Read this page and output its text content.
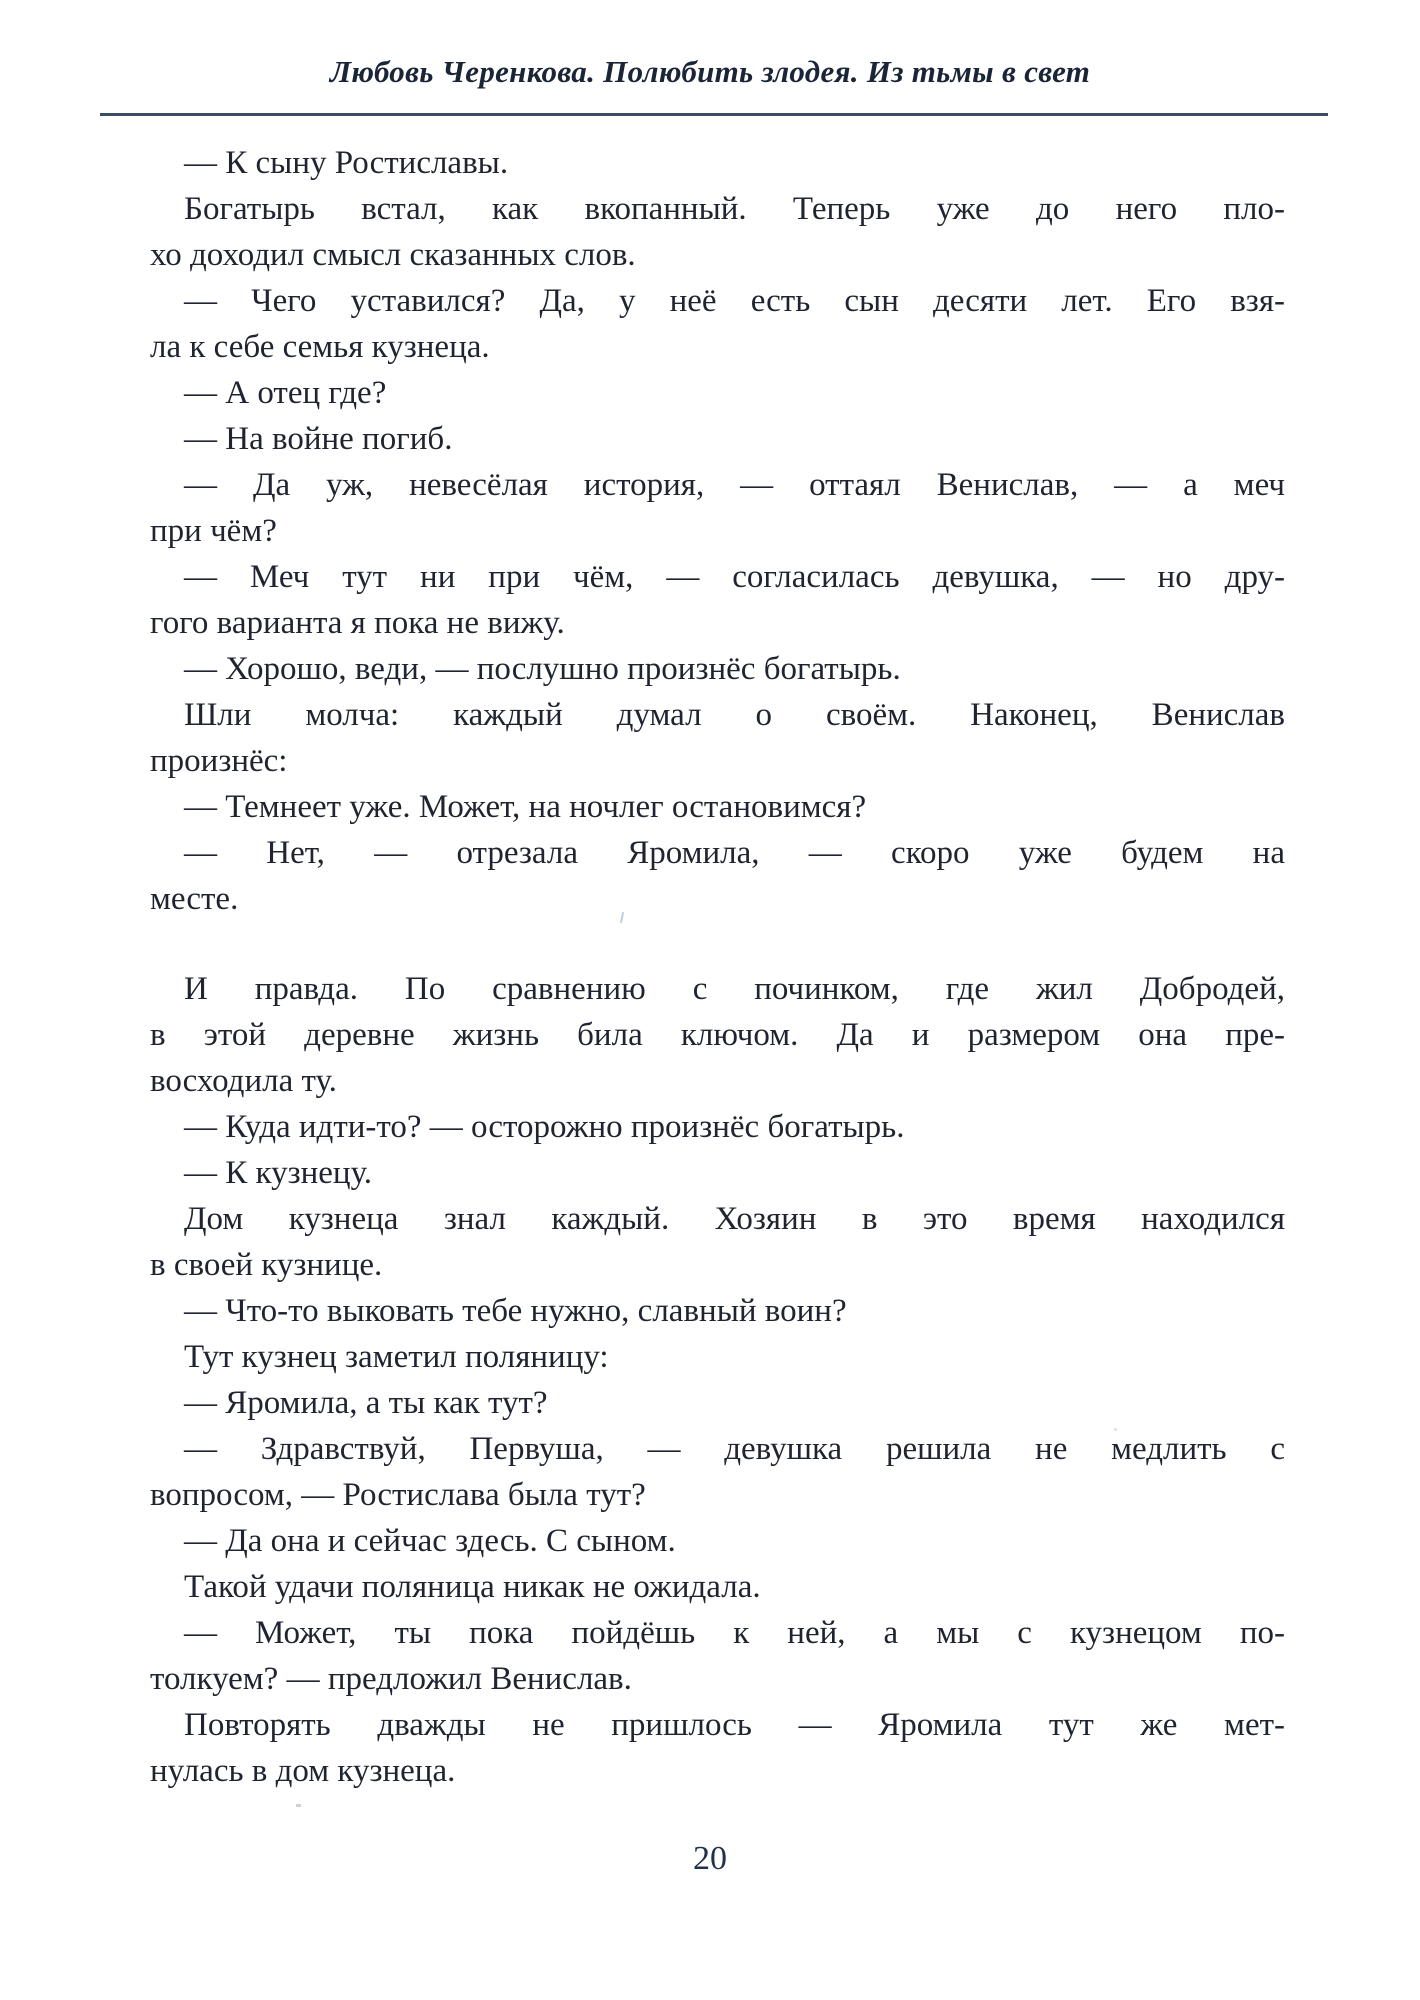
Любовь Черенкова. Полюбить злодея. Из тьмы в свет

— К сыну Ростиславы.

Богатырь встал, как вкопанный. Теперь уже до него пло-

хо доходил смысл сказанных слов.

— Чего уставился? Да, у неё есть сын десяти лет. Его взя-

ла к себе семья кузнеца.

— А отец где?

— На войне погиб.

— Да уж, невесёлая история, — оттаял Венислав, — а меч

при чём?

— Меч тут ни при чём, — согласилась девушка, — но дру-

гого варианта я пока не вижу.

— Хорошо, веди, — послушно произнёс богатырь.

Шли молча: каждый думал о своём. Наконец, Венислав

произнёс:

— Темнеет уже. Может, на ночлег остановимся?

— Нет, — отрезала Яромила, — скоро уже будем на

месте.

И правда. По сравнению с починком, где жил Добродей,

в этой деревне жизнь била ключом. Да и размером она пре-

восходила ту.

— Куда идти-то? — осторожно произнёс богатырь.

— К кузнецу.

Дом кузнеца знал каждый. Хозяин в это время находился

в своей кузнице.

— Что-то выковать тебе нужно, славный воин?

Тут кузнец заметил поляницу:

— Яромила, а ты как тут?

— Здравствуй, Первуша, — девушка решила не медлить с

вопросом, — Ростислава была тут?

— Да она и сейчас здесь. С сыном.

Такой удачи поляница никак не ожидала.

— Может, ты пока пойдёшь к ней, а мы с кузнецом по-

толкуем? — предложил Венислав.

Повторять дважды не пришлось — Яромила тут же мет-

нулась в дом кузнеца.

20
